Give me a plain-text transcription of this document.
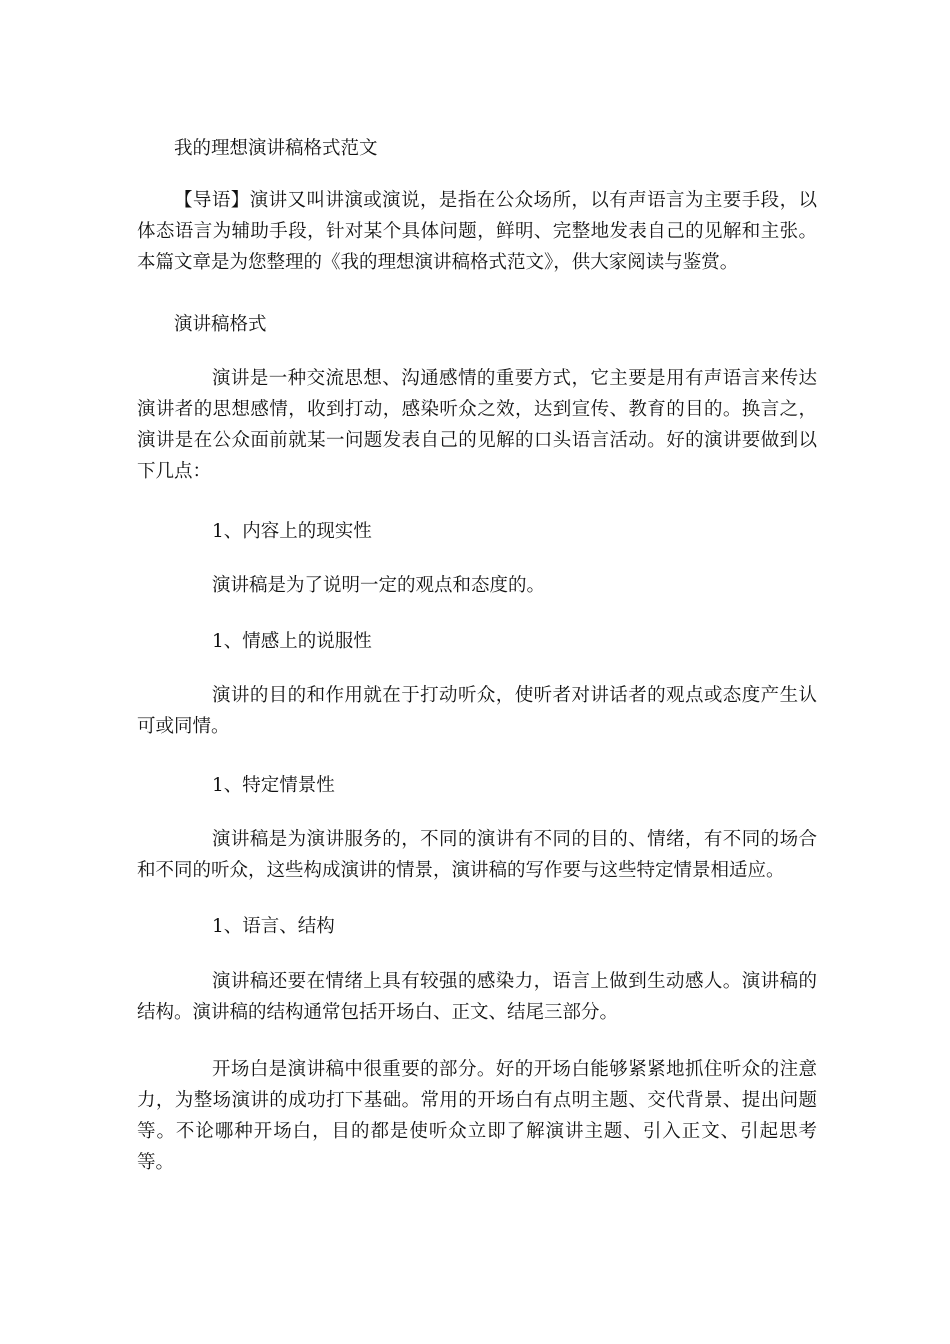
我的理想演讲稿格式范文

【导语】演讲又叫讲演或演说，是指在公众场所，以有声语言为主要手段，以体态语言为辅助手段，针对某个具体问题，鲜明、完整地发表自己的见解和主张。本篇文章是为您整理的《我的理想演讲稿格式范文》，供大家阅读与鉴赏。

演讲稿格式

演讲是一种交流思想、沟通感情的重要方式，它主要是用有声语言来传达演讲者的思想感情，收到打动，感染听众之效，达到宣传、教育的目的。换言之，演讲是在公众面前就某一问题发表自己的见解的口头语言活动。好的演讲要做到以下几点：

1、内容上的现实性

演讲稿是为了说明一定的观点和态度的。

1、情感上的说服性

演讲的目的和作用就在于打动听众，使听者对讲话者的观点或态度产生认可或同情。

1、特定情景性

演讲稿是为演讲服务的，不同的演讲有不同的目的、情绪，有不同的场合和不同的听众，这些构成演讲的情景，演讲稿的写作要与这些特定情景相适应。

1、语言、结构

演讲稿还要在情绪上具有较强的感染力，语言上做到生动感人。演讲稿的结构。演讲稿的结构通常包括开场白、正文、结尾三部分。

开场白是演讲稿中很重要的部分。好的开场白能够紧紧地抓住听众的注意力，为整场演讲的成功打下基础。常用的开场白有点明主题、交代背景、提出问题等。不论哪种开场白，目的都是使听众立即了解演讲主题、引入正文、引起思考等。
